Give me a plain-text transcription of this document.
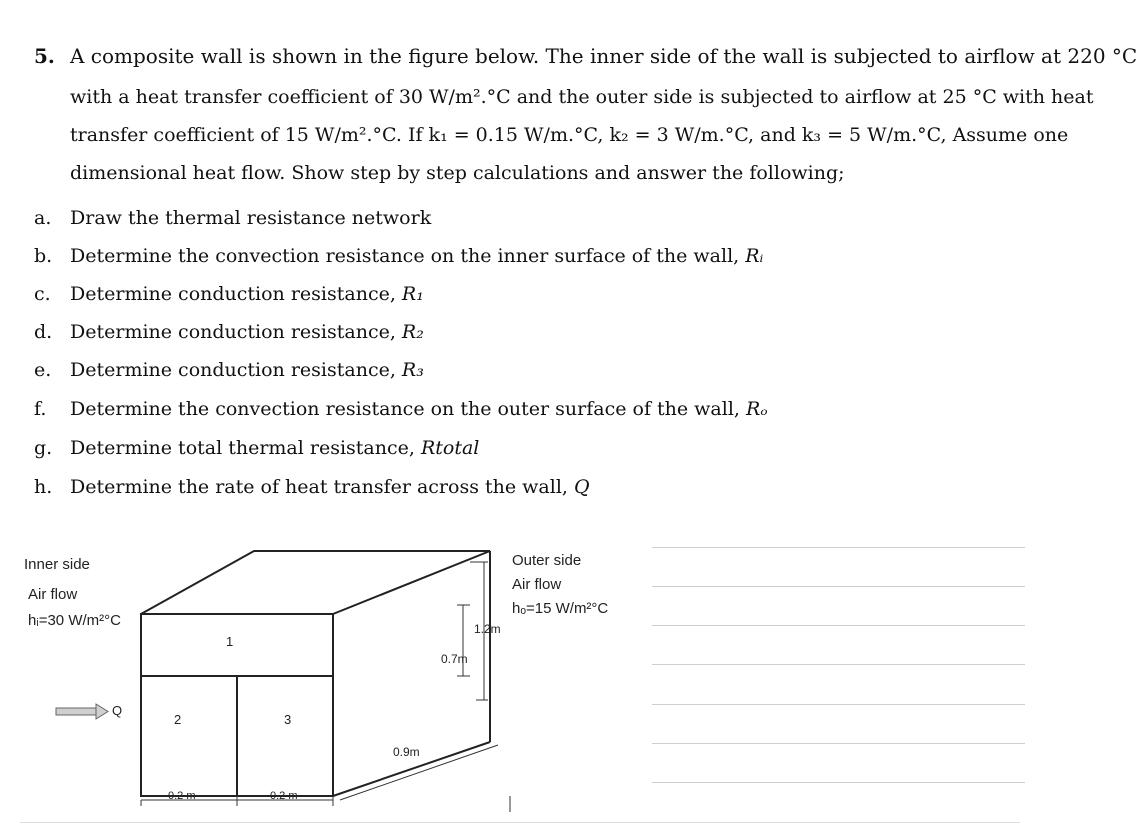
5. A composite wall is shown in the figure below. The inner side of the wall is subjected to airflow at 220 °C
with a heat transfer coefficient of 30 W/m².°C and the outer side is subjected to airflow at 25 °C with heat
transfer coefficient of 15 W/m².°C. If k₁ = 0.15 W/m.°C, k₂ = 3 W/m.°C, and k₃ = 5 W/m.°C, Assume one
dimensional heat flow. Show step by step calculations and answer the following;
a. Draw the thermal resistance network
b. Determine the convection resistance on the inner surface of the wall, Rᵢ
c. Determine conduction resistance, R₁
d. Determine conduction resistance, R₂
e. Determine conduction resistance, R₃
f. Determine the convection resistance on the outer surface of the wall, Rₒ
g. Determine total thermal resistance, Rtotal
h. Determine the rate of heat transfer across the wall, Q
Inner side
Air flow
hᵢ=30 W/m²°C
Outer side
Air flow
hₒ=15 W/m²°C
Q
1
2	3
1.2m
0.7m
0.9m
0.2 m	0.2 m
